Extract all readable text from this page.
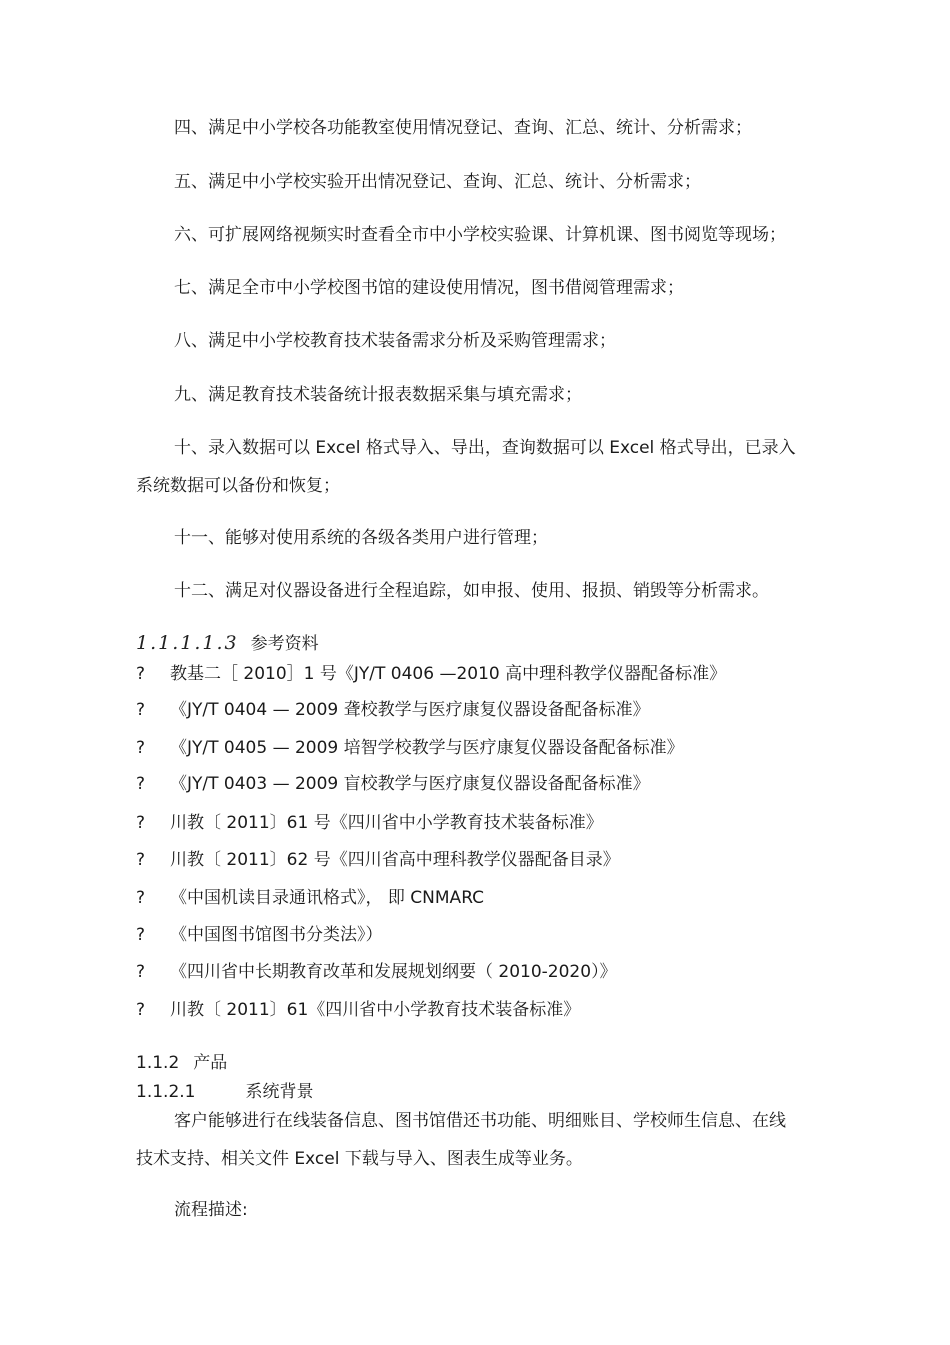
四、满足中小学校各功能教室使用情况登记、查询、汇总、统计、分析需求；
五、满足中小学校实验开出情况登记、查询、汇总、统计、分析需求；
六、可扩展网络视频实时查看全市中小学校实验课、计算机课、图书阅览等现场；
七、满足全市中小学校图书馆的建设使用情况，图书借阅管理需求；
八、满足中小学校教育技术装备需求分析及采购管理需求；
九、满足教育技术装备统计报表数据采集与填充需求；
十、录入数据可以 Excel 格式导入、导出，查询数据可以 Excel 格式导出，已录入
系统数据可以备份和恢复；
十一、能够对使用系统的各级各类用户进行管理；
十二、满足对仪器设备进行全程追踪，如申报、使用、报损、销毁等分析需求。
1.1.1.1.3 参考资料
? 教基二［ 2010］1 号《JY/T 0406 —2010 高中理科教学仪器配备标准》
? 《JY/T 0404 — 2009 聋校教学与医疗康复仪器设备配备标准》
? 《JY/T 0405 — 2009 培智学校教学与医疗康复仪器设备配备标准》
? 《JY/T 0403 — 2009 盲校教学与医疗康复仪器设备配备标准》
? 川教〔 2011〕61 号《四川省中小学教育技术装备标准》
? 川教〔 2011〕62 号《四川省高中理科教学仪器配备目录》
? 《中国机读目录通讯格式》， 即 CNMARC
? 《中国图书馆图书分类法》）
? 《四川省中长期教育改革和发展规划纲要（ 2010-2020）》
? 川教〔 2011〕61《四川省中小学教育技术装备标准》
1.1.2 产品
1.1.2.1	系统背景
客户能够进行在线装备信息、图书馆借还书功能、明细账目、学校师生信息、在线
技术支持、相关文件 Excel 下载与导入、图表生成等业务。
流程描述:
